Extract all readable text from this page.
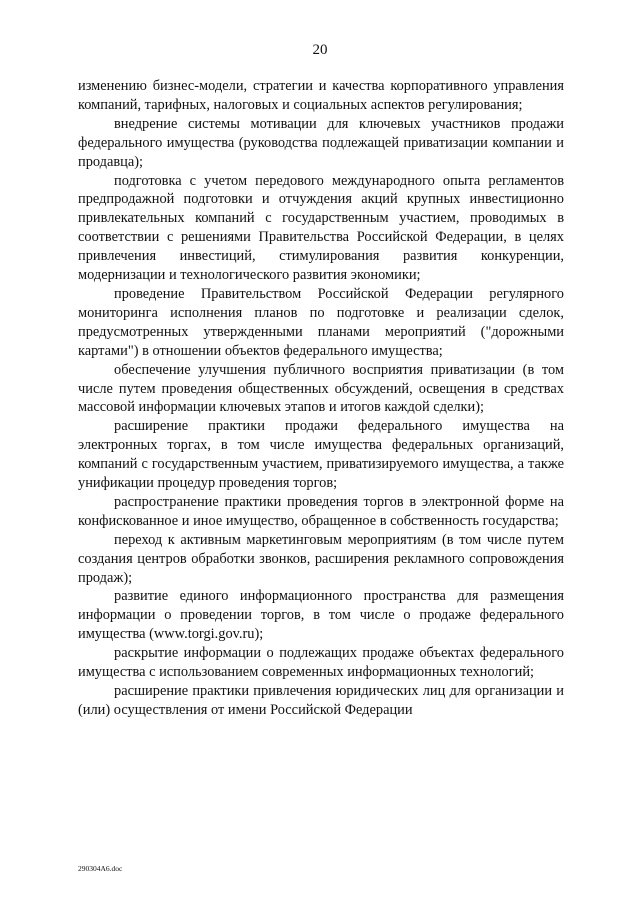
20

изменению бизнес-модели, стратегии и качества корпоративного управления компаний, тарифных, налоговых и социальных аспектов регулирования;

внедрение системы мотивации для ключевых участников продажи федерального имущества (руководства подлежащей приватизации компании и продавца);

подготовка с учетом передового международного опыта регламентов предпродажной подготовки и отчуждения акций крупных инвестиционно привлекательных компаний с государственным участием, проводимых в соответствии с решениями Правительства Российской Федерации, в целях привлечения инвестиций, стимулирования развития конкуренции, модернизации и технологического развития экономики;

проведение Правительством Российской Федерации регулярного мониторинга исполнения планов по подготовке и реализации сделок, предусмотренных утвержденными планами мероприятий ("дорожными картами") в отношении объектов федерального имущества;

обеспечение улучшения публичного восприятия приватизации (в том числе путем проведения общественных обсуждений, освещения в средствах массовой информации ключевых этапов и итогов каждой сделки);

расширение практики продажи федерального имущества на электронных торгах, в том числе имущества федеральных организаций, компаний с государственным участием, приватизируемого имущества, а также унификации процедур проведения торгов;

распространение практики проведения торгов в электронной форме на конфискованное и иное имущество, обращенное в собственность государства;

переход к активным маркетинговым мероприятиям (в том числе путем создания центров обработки звонков, расширения рекламного сопровождения продаж);

развитие единого информационного пространства для размещения информации о проведении торгов, в том числе о продаже федерального имущества (www.torgi.gov.ru);

раскрытие информации о подлежащих продаже объектах федерального имущества с использованием современных информационных технологий;

расширение практики привлечения юридических лиц для организации и (или) осуществления от имени Российской Федерации

290304A6.doc
